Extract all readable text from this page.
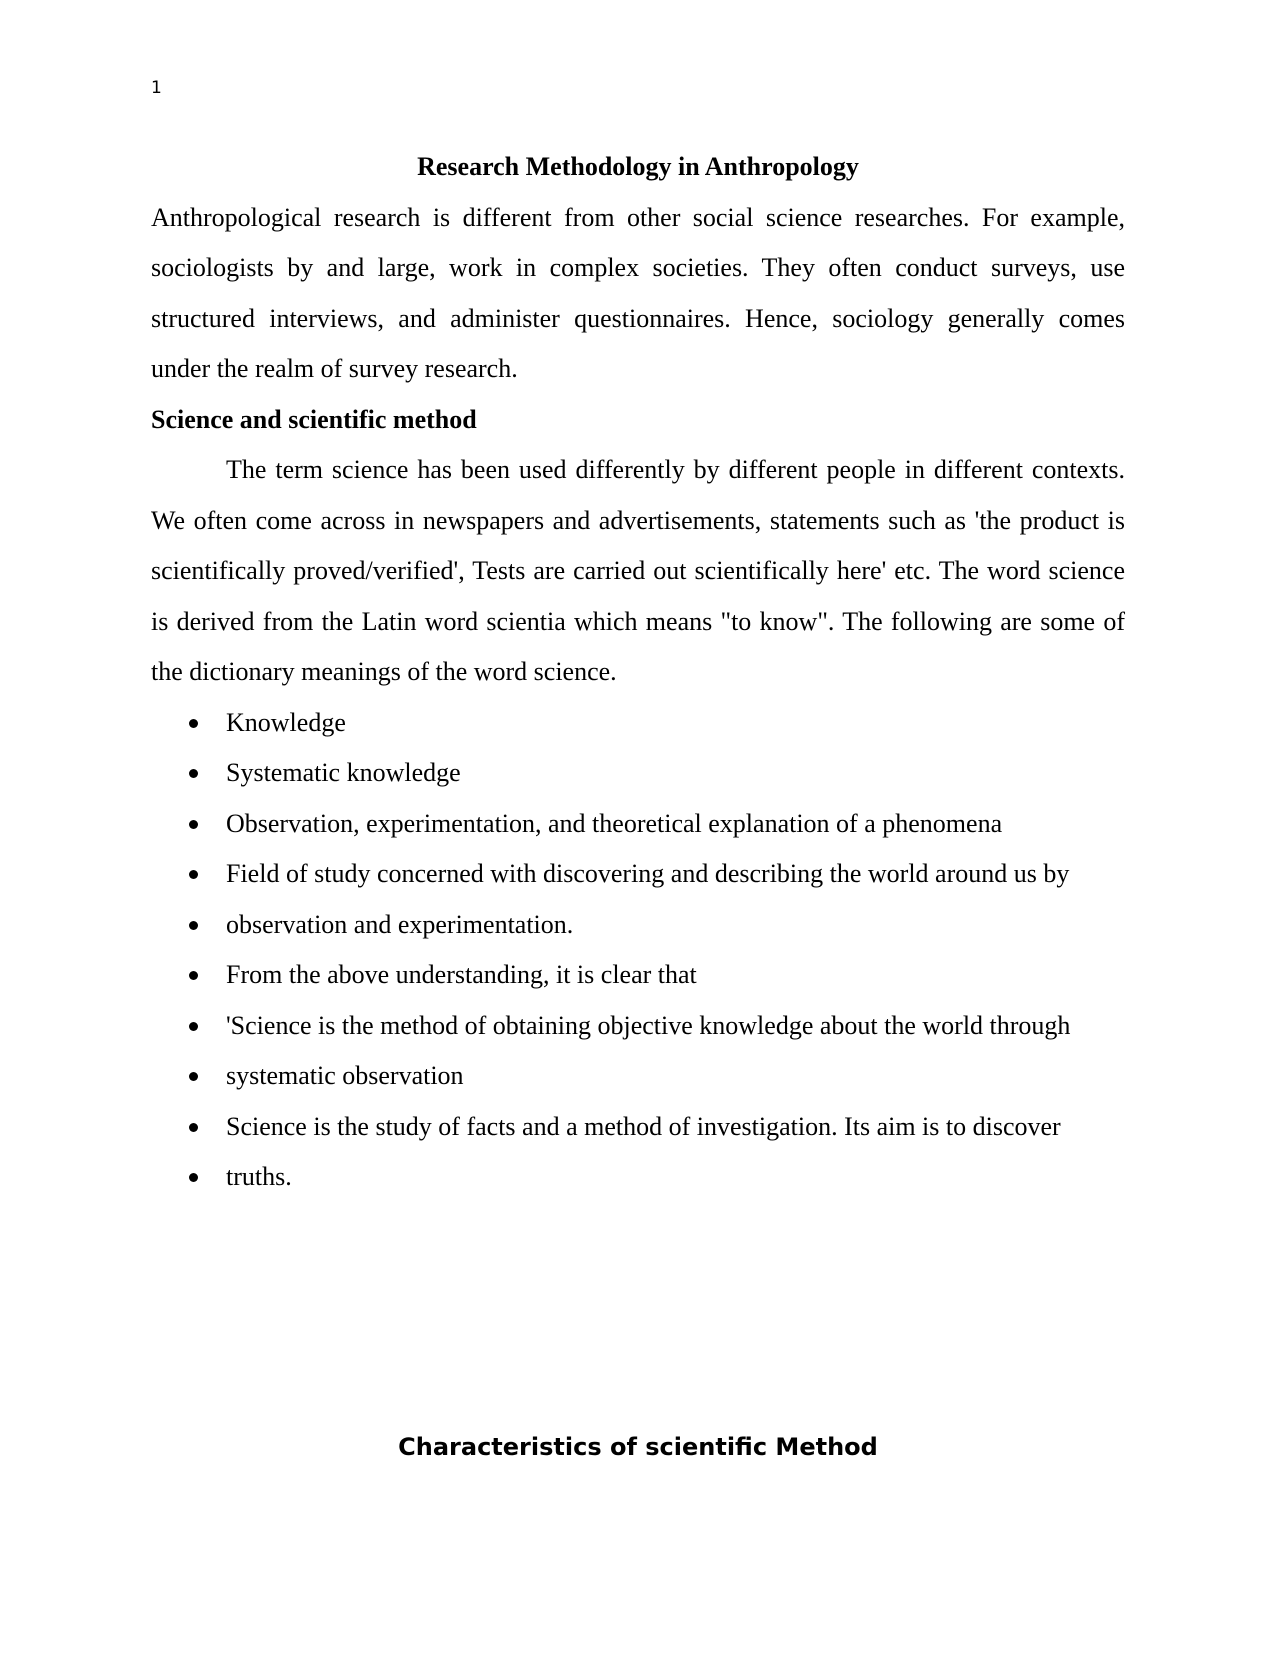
1
Research Methodology in Anthropology

Anthropological research is different from other social science researches. For example, sociologists by and large, work in complex societies. They often conduct surveys, use structured interviews, and administer questionnaires. Hence, sociology generally comes under the realm of survey research.

Science and scientific method

The term science has been used differently by different people in different contexts. We often come across in newspapers and advertisements, statements such as 'the product is scientifically proved/verified', Tests are carried out scientifically here' etc. The word science is derived from the Latin word scientia which means "to know". The following are some of the dictionary meanings of the word science.

Knowledge
Systematic knowledge
Observation, experimentation, and theoretical explanation of a phenomena
Field of study concerned with discovering and describing the world around us by
observation and experimentation.
From the above understanding, it is clear that
'Science is the method of obtaining objective knowledge about the world through
systematic observation
Science is the study of facts and a method of investigation. Its aim is to discover
truths.
Characteristics of scientific Method
